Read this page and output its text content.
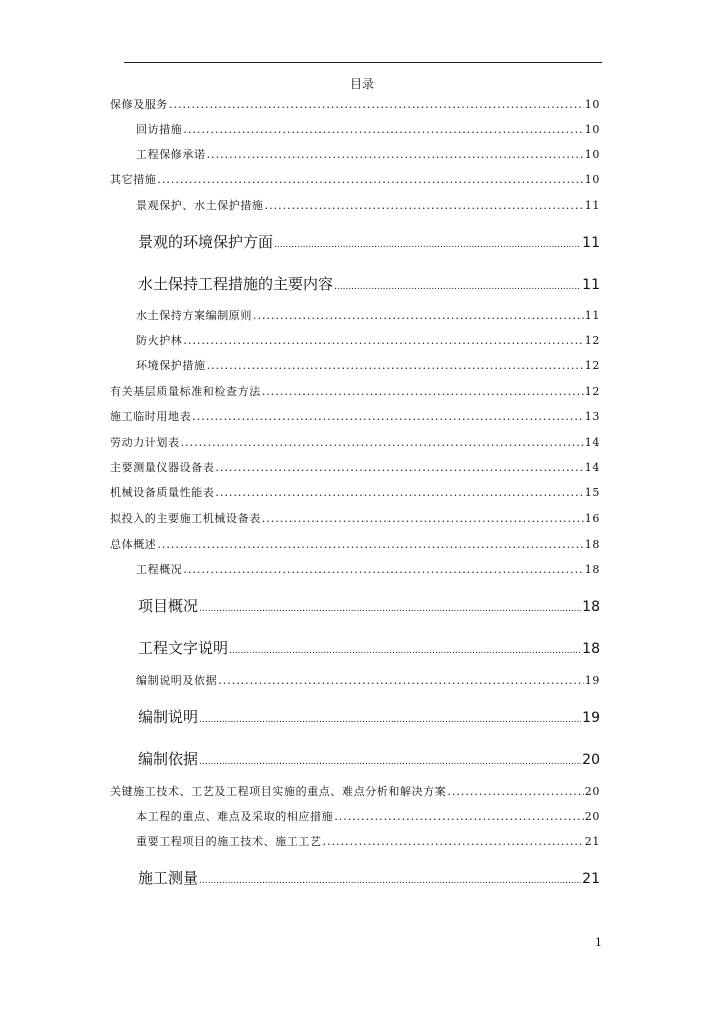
目录
保修及服务 .....	10
回访措施 .....	10
工程保修承诺 .....	10
其它措施 .....	10
景观保护、水土保护措施 .....	11
景观的环境保护方面 .....	11
水土保持工程措施的主要内容 .....	11
水土保持方案编制原则 .....	11
防火护林 .....	12
环境保护措施 .....	12
有关基层质量标准和检查方法 .....	12
施工临时用地表 .....	13
劳动力计划表 .....	14
主要测量仪器设备表 .....	14
机械设备质量性能表 .....	15
拟投入的主要施工机械设备表 .....	16
总体概述 .....	18
工程概况 .....	18
项目概况 .....	18
工程文字说明 .....	18
编制说明及依据 .....	19
编制说明 .....	19
编制依据 .....	20
关键施工技术、工艺及工程项目实施的重点、难点分析和解决方案 .....	20
本工程的重点、难点及采取的相应措施 .....	20
重要工程项目的施工技术、施工工艺 .....	21
施工测量 .....	21
1
